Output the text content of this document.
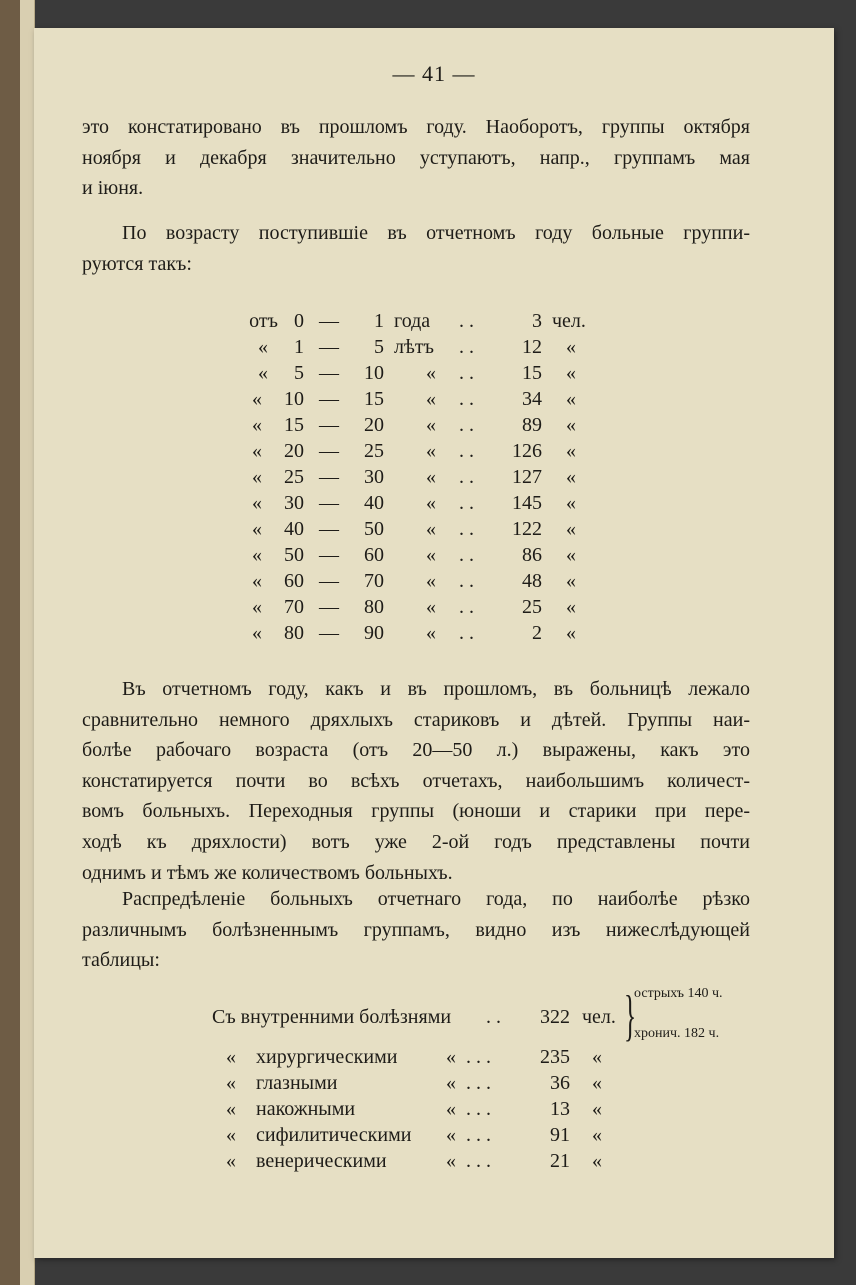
— 41 —
это констатировано въ прошломъ году. Наоборотъ, группы октября
ноября и декабря значительно уступаютъ, напр., группамъ мая
и іюня.
По возрасту поступившіе въ отчетномъ году больные группи-
руются такъ:
отъ 0 —	1 года . .	3 чел.
«	1 —	5 лѣтъ . .	12 «
«	5 —	10 « . .	15 «
«	10 —	15 « . .	34 «
«	15 —	20 « . .	89 «
«	20 —	25 « . .	126 «
«	25 —	30 « . .	127 «
«	30 —	40 « . .	145 «
«	40 —	50 « . .	122 «
«	50 —	60 « . .	86 «
«	60 —	70 « . .	48 «
«	70 —	80 « . .	25 «
«	80 —	90 « . .	2 «
Въ отчетномъ году, какъ и въ прошломъ, въ больницѣ лежало
сравнительно немного дряхлыхъ стариковъ и дѣтей. Группы наи-
болѣе рабочаго возраста (отъ 20—50 л.) выражены, какъ это
констатируется почти во всѣхъ отчетахъ, наибольшимъ количест-
вомъ больныхъ. Переходныя группы (юноши и старики при пере-
ходѣ къ дряхлости) вотъ уже 2-ой годъ представлены почти
однимъ и тѣмъ же количествомъ больныхъ.
Распредѣленіе больныхъ отчетнаго года, по наиболѣе рѣзко
различнымъ болѣзненнымъ группамъ, видно изъ нижеслѣдующей
таблицы:
Съ внутренними болѣзнями . .	322 чел. }
острыхъ 140 ч.
хронич. 182 ч.
« хирургическими « . . .	235 «
« глазными	« . . .	36 «
« накожными	« . . .	13 «
« сифилитическими « . . .	91 «
« венерическими	« . . .	21 «
